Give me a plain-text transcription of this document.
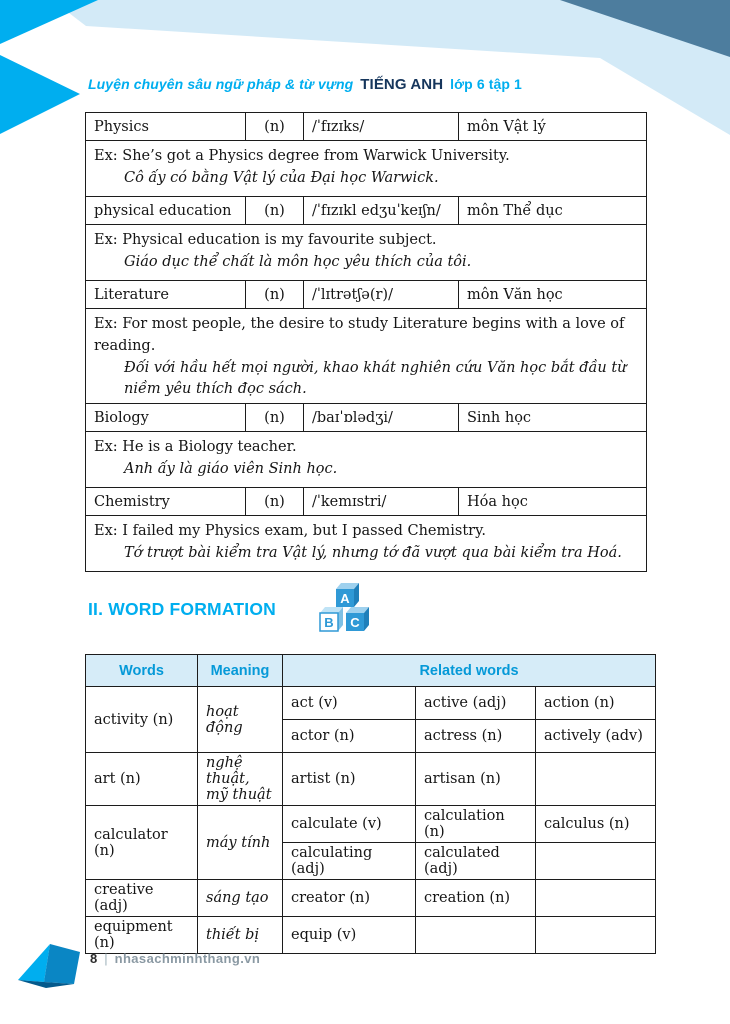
Luyện chuyên sâu ngữ pháp & từ vựng TIẾNG ANH lớp 6 tập 1
Physics	(n)	/ˈfɪzɪks/	môn Vật lý

Ex: She’s got a Physics degree from Warwick University.
Cô ấy có bằng Vật lý của Đại học Warwick.			

physical education	(n)	/ˈfɪzɪkl edʒuˈkeɪʃn/	môn Thể dục

Ex: Physical education is my favourite subject.
Giáo dục thể chất là môn học yêu thích của tôi.			

Literature	(n)	/ˈlɪtrətʃə(r)/	môn Văn học

Ex: For most people, the desire to study Literature begins with a love of reading.
Đối với hầu hết mọi người, khao khát nghiên cứu Văn học bắt đầu từ niềm yêu thích đọc sách.			

Biology	(n)	/baɪˈɒlədʒi/	Sinh học

Ex: He is a Biology teacher.
Anh ấy là giáo viên Sinh học.			

Chemistry	(n)	/ˈkemɪstri/	Hóa học

Ex: I failed my Physics exam, but I passed Chemistry.
Tớ trượt bài kiểm tra Vật lý, nhưng tớ đã vượt qua bài kiểm tra Hoá.			
II. WORD FORMATION
A
B C
Words	Meaning	Related words		
activity (n)	hoạt động	act (v)	active (adj)	action (n)
		actor (n)	actress (n)	actively (adv)
art (n)	nghệ thuật, mỹ thuật	artist (n)	artisan (n)	
calculator (n)	máy tính	calculate (v)	calculation (n)	calculus (n)
		calculating (adj)	calculated (adj)	
creative (adj)	sáng tạo	creator (n)	creation (n)	
equipment (n)	thiết bị	equip (v)		
8 | nhasachminhthang.vn
